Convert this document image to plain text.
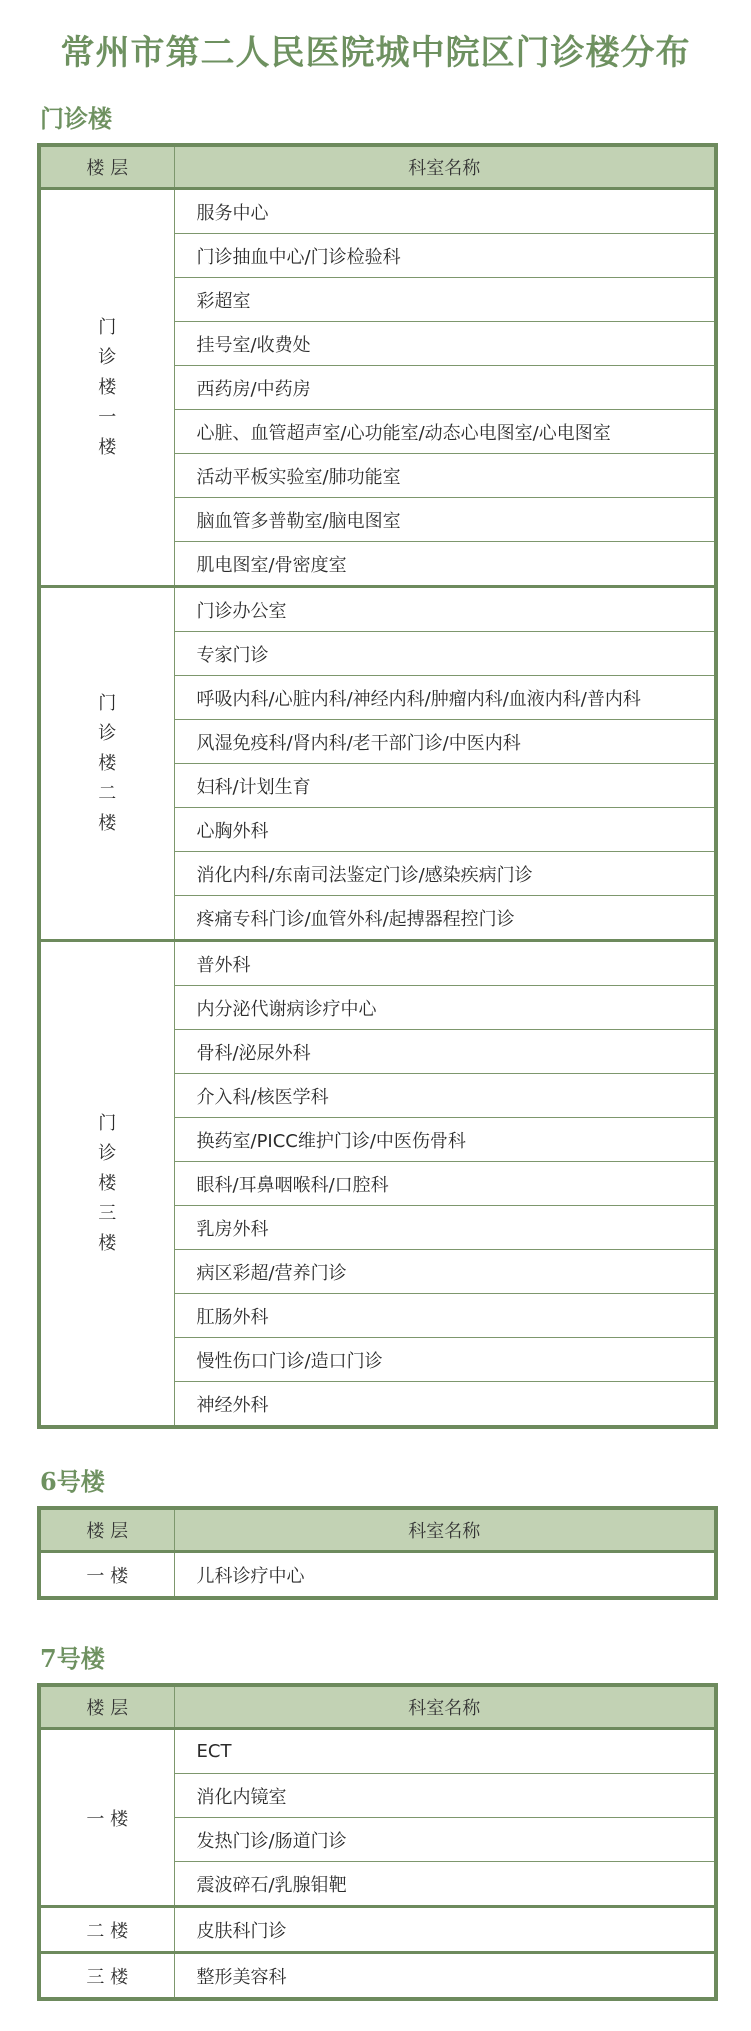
常州市第二人民医院城中院区门诊楼分布
门诊楼
楼 层	科室名称
门诊楼一楼	服务中心
	门诊抽血中心/门诊检验科
	彩超室
	挂号室/收费处
	西药房/中药房
	心脏、血管超声室/心功能室/动态心电图室/心电图室
	活动平板实验室/肺功能室
	脑血管多普勒室/脑电图室
	肌电图室/骨密度室
门诊楼二楼	门诊办公室
	专家门诊
	呼吸内科/心脏内科/神经内科/肿瘤内科/血液内科/普内科
	风湿免疫科/肾内科/老干部门诊/中医内科
	妇科/计划生育
	心胸外科
	消化内科/东南司法鉴定门诊/感染疾病门诊
	疼痛专科门诊/血管外科/起搏器程控门诊
门诊楼三楼	普外科
	内分泌代谢病诊疗中心
	骨科/泌尿外科
	介入科/核医学科
	换药室/PICC维护门诊/中医伤骨科
	眼科/耳鼻咽喉科/口腔科
	乳房外科
	病区彩超/营养门诊
	肛肠外科
	慢性伤口门诊/造口门诊
	神经外科
6号楼
楼 层	科室名称
一 楼	儿科诊疗中心
7号楼
楼 层	科室名称
一 楼	ECT
	消化内镜室
	发热门诊/肠道门诊
	震波碎石/乳腺钼靶
二 楼	皮肤科门诊
三 楼	整形美容科
